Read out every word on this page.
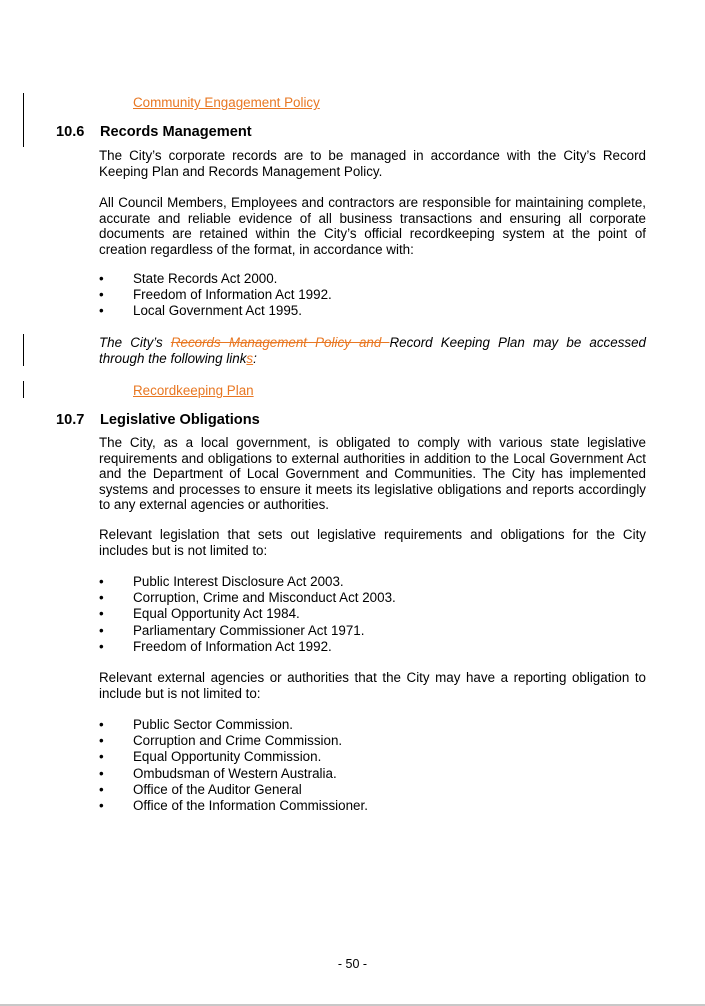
Community Engagement Policy
10.6 Records Management
The City’s corporate records are to be managed in accordance with the City’s Record Keeping Plan and Records Management Policy.
All Council Members, Employees and contractors are responsible for maintaining complete, accurate and reliable evidence of all business transactions and ensuring all corporate documents are retained within the City’s official recordkeeping system at the point of creation regardless of the format, in accordance with:
• State Records Act 2000.
• Freedom of Information Act 1992.
• Local Government Act 1995.
The City’s Records Management Policy and Record Keeping Plan may be accessed through the following links:
Recordkeeping Plan
10.7 Legislative Obligations
The City, as a local government, is obligated to comply with various state legislative requirements and obligations to external authorities in addition to the Local Government Act and the Department of Local Government and Communities. The City has implemented systems and processes to ensure it meets its legislative obligations and reports accordingly to any external agencies or authorities.
Relevant legislation that sets out legislative requirements and obligations for the City includes but is not limited to:
• Public Interest Disclosure Act 2003.
• Corruption, Crime and Misconduct Act 2003.
• Equal Opportunity Act 1984.
• Parliamentary Commissioner Act 1971.
• Freedom of Information Act 1992.
Relevant external agencies or authorities that the City may have a reporting obligation to include but is not limited to:
• Public Sector Commission.
• Corruption and Crime Commission.
• Equal Opportunity Commission.
• Ombudsman of Western Australia.
• Office of the Auditor General
• Office of the Information Commissioner.
- 50 -
